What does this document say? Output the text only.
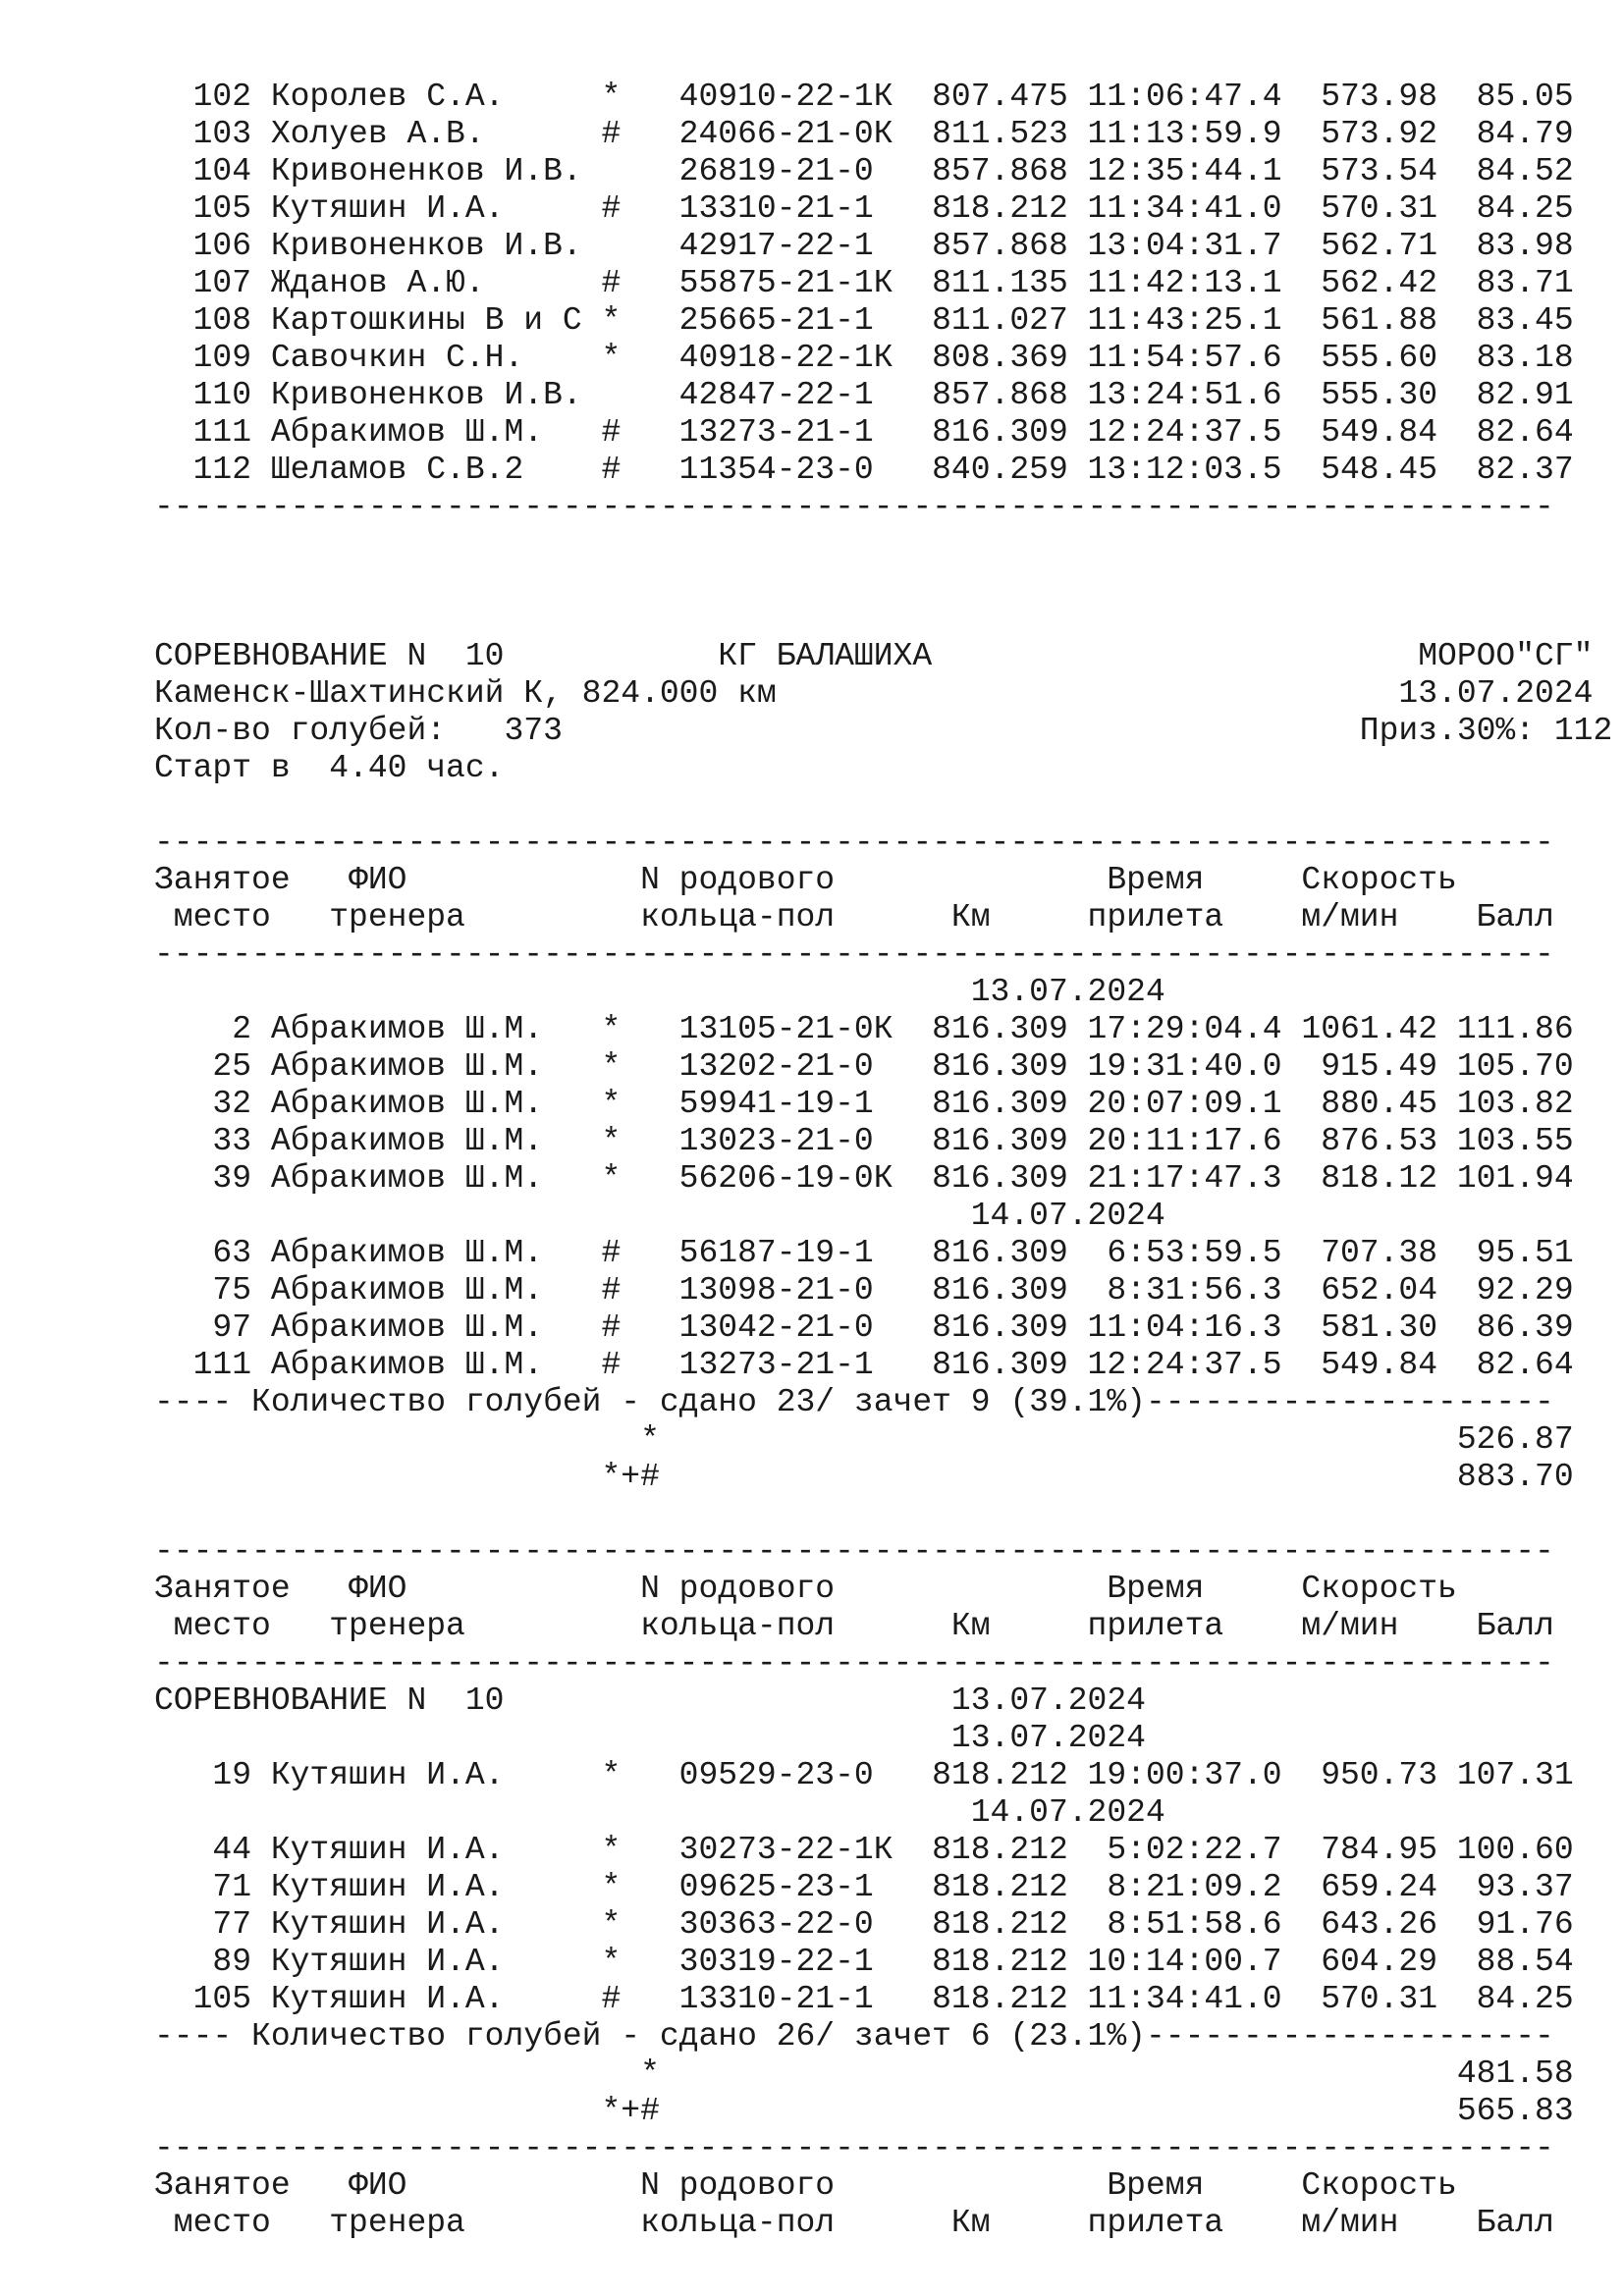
102 Королев С.А.     *   40910-22-1К  807.475 11:06:47.4  573.98  85.05
103 Холуев А.В.      #   24066-21-0К  811.523 11:13:59.9  573.92  84.79
104 Кривоненков И.В.     26819-21-0   857.868 12:35:44.1  573.54  84.52
105 Кутяшин И.А.     #   13310-21-1   818.212 11:34:41.0  570.31  84.25
106 Кривоненков И.В.     42917-22-1   857.868 13:04:31.7  562.71  83.98
107 Жданов А.Ю.      #   55875-21-1К  811.135 11:42:13.1  562.42  83.71
108 Картошкины В и С *   25665-21-1   811.027 11:43:25.1  561.88  83.45
109 Савочкин С.Н.    *   40918-22-1К  808.369 11:54:57.6  555.60  83.18
110 Кривоненков И.В.     42847-22-1   857.868 13:24:51.6  555.30  82.91
111 Абракимов Ш.М.   #   13273-21-1   816.309 12:24:37.5  549.84  82.64
112 Шеламов С.В.2    #   11354-23-0   840.259 13:12:03.5  548.45  82.37
------------------------------------------------------------------------
СОРЕВНОВАНИЕ N  10           КГ БАЛАШИХА                         МОРОО"СГ"
Каменск-Шахтинский К, 824.000 км                                13.07.2024
Кол-во голубей:   373                                         Приз.30%: 112
Старт в  4.40 час.
------------------------------------------------------------------------
Занятое   ФИО            N родового              Время     Скорость
место   тренера         кольца-пол      Км     прилета    м/мин    Балл
------------------------------------------------------------------------
13.07.2024
2 Абракимов Ш.М.   *   13105-21-0К  816.309 17:29:04.4 1061.42 111.86
25 Абракимов Ш.М.   *   13202-21-0   816.309 19:31:40.0  915.49 105.70
32 Абракимов Ш.М.   *   59941-19-1   816.309 20:07:09.1  880.45 103.82
33 Абракимов Ш.М.   *   13023-21-0   816.309 20:11:17.6  876.53 103.55
39 Абракимов Ш.М.   *   56206-19-0К  816.309 21:17:47.3  818.12 101.94
14.07.2024
63 Абракимов Ш.М.   #   56187-19-1   816.309  6:53:59.5  707.38  95.51
75 Абракимов Ш.М.   #   13098-21-0   816.309  8:31:56.3  652.04  92.29
97 Абракимов Ш.М.   #   13042-21-0   816.309 11:04:16.3  581.30  86.39
111 Абракимов Ш.М.   #   13273-21-1   816.309 12:24:37.5  549.84  82.64
---- Количество голубей - сдано 23/ зачет 9 (39.1%)---------------------
*                                         526.87
*+#                                         883.70
------------------------------------------------------------------------
Занятое   ФИО            N родового              Время     Скорость
место   тренера         кольца-пол      Км     прилета    м/мин    Балл
------------------------------------------------------------------------
СОРЕВНОВАНИЕ N  10                       13.07.2024
13.07.2024
19 Кутяшин И.А.     *   09529-23-0   818.212 19:00:37.0  950.73 107.31
14.07.2024
44 Кутяшин И.А.     *   30273-22-1К  818.212  5:02:22.7  784.95 100.60
71 Кутяшин И.А.     *   09625-23-1   818.212  8:21:09.2  659.24  93.37
77 Кутяшин И.А.     *   30363-22-0   818.212  8:51:58.6  643.26  91.76
89 Кутяшин И.А.     *   30319-22-1   818.212 10:14:00.7  604.29  88.54
105 Кутяшин И.А.     #   13310-21-1   818.212 11:34:41.0  570.31  84.25
---- Количество голубей - сдано 26/ зачет 6 (23.1%)---------------------
*                                         481.58
*+#                                         565.83
------------------------------------------------------------------------
Занятое   ФИО            N родового              Время     Скорость
место   тренера         кольца-пол      Км     прилета    м/мин    Балл
